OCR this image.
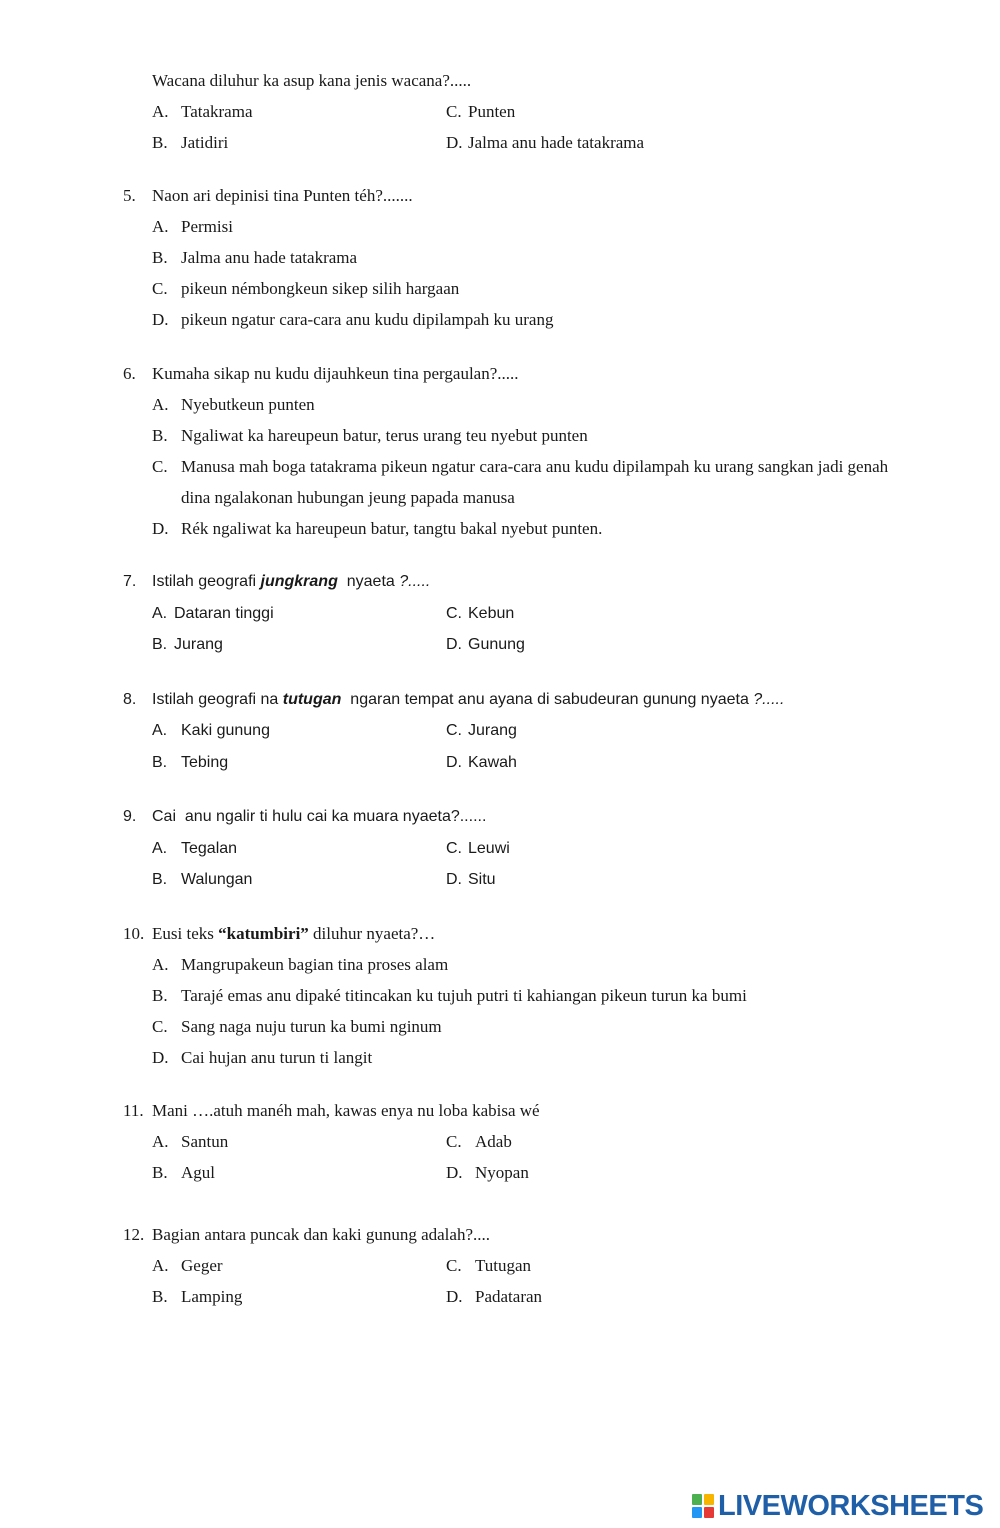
Wacana diluhur ka asup kana jenis wacana?.....
A. Tatakrama	C. Punten
B. Jatidiri	D. Jalma anu hade tatakrama
5. Naon ari depinisi tina Punten téh?.......
A. Permisi
B. Jalma anu hade tatakrama
C. pikeun némbongkeun sikep silih hargaan
D. pikeun ngatur cara-cara anu kudu dipilampah ku urang
6. Kumaha sikap nu kudu dijauhkeun tina pergaulan?.....
A. Nyebutkeun punten
B. Ngaliwat ka hareupeun batur, terus urang teu nyebut punten
C. Manusa mah boga tatakrama pikeun ngatur cara-cara anu kudu dipilampah ku urang sangkan jadi genah
dina ngalakonan hubungan jeung papada manusa
D. Rék ngaliwat ka hareupeun batur, tangtu bakal nyebut punten.
7. Istilah geografi jungkrang  nyaeta ?.....
A. Dataran tinggi	C. Kebun
B. Jurang	D. Gunung
8. Istilah geografi na tutugan  ngaran tempat anu ayana di sabudeuran gunung nyaeta ?.....
A. Kaki gunung	C. Jurang
B. Tebing	D. Kawah
9. Cai  anu ngalir ti hulu cai ka muara nyaeta?......
A. Tegalan	C. Leuwi
B. Walungan	D. Situ
10. Eusi teks “katumbiri” diluhur nyaeta?…
A. Mangrupakeun bagian tina proses alam
B. Tarajé emas anu dipaké titincakan ku tujuh putri ti kahiangan pikeun turun ka bumi
C. Sang naga nuju turun ka bumi nginum
D. Cai hujan anu turun ti langit
11. Mani ….atuh manéh mah, kawas enya nu loba kabisa wé
A. Santun	C. Adab
B. Agul	D. Nyopan
12. Bagian antara puncak dan kaki gunung adalah?....
A. Geger	C. Tutugan
B. Lamping	D. Padataran
LIVEWORKSHEETS
